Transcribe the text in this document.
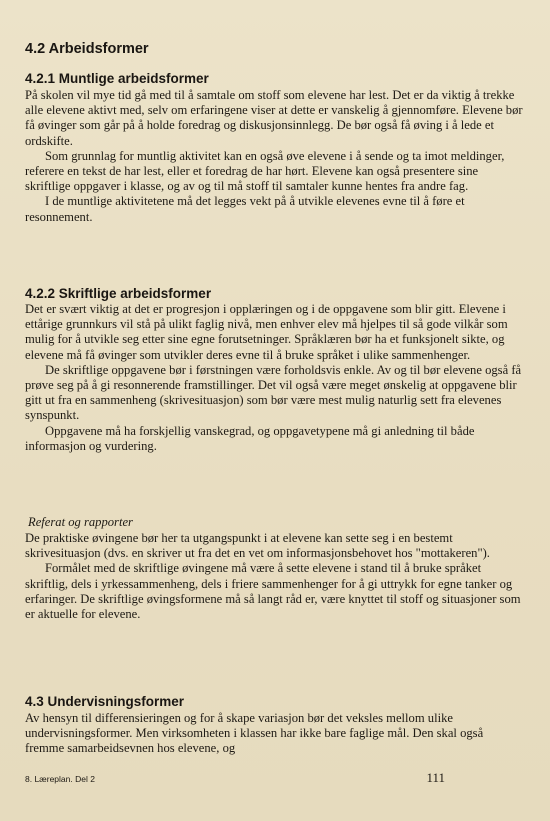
4.2 Arbeidsformer
4.2.1 Muntlige arbeidsformer

På skolen vil mye tid gå med til å samtale om stoff som elevene har lest. Det er da viktig å trekke alle elevene aktivt med, selv om erfaringene viser at dette er vanskelig å gjennomføre. Elevene bør få øvinger som går på å holde foredrag og diskusjonsinnlegg. De bør også få øving i å lede et ordskifte.

Som grunnlag for muntlig aktivitet kan en også øve elevene i å sende og ta imot meldinger, referere en tekst de har lest, eller et foredrag de har hørt. Elevene kan også presentere sine skriftlige oppgaver i klasse, og av og til må stoff til samtaler kunne hentes fra andre fag.

I de muntlige aktivitetene må det legges vekt på å utvikle elevenes evne til å føre et resonnement.

4.2.2 Skriftlige arbeidsformer

Det er svært viktig at det er progresjon i opplæringen og i de oppgavene som blir gitt. Elevene i ettårige grunnkurs vil stå på ulikt faglig nivå, men enhver elev må hjelpes til så gode vilkår som mulig for å utvikle seg etter sine egne forutsetninger. Språklæren bør ha et funksjonelt sikte, og elevene må få øvinger som utvikler deres evne til å bruke språket i ulike sammenhenger.

De skriftlige oppgavene bør i førstningen være forholdsvis enkle. Av og til bør elevene også få prøve seg på å gi resonnerende framstillinger. Det vil også være meget ønskelig at oppgavene blir gitt ut fra en sammenheng (skrivesituasjon) som bør være mest mulig naturlig sett fra elevenes synspunkt.

Oppgavene må ha forskjellig vanskegrad, og oppgavetypene må gi anledning til både informasjon og vurdering.

Referat og rapporter

De praktiske øvingene bør her ta utgangspunkt i at elevene kan sette seg i en bestemt skrivesituasjon (dvs. en skriver ut fra det en vet om informasjonsbehovet hos "mottakeren").

Formålet med de skriftlige øvingene må være å sette elevene i stand til å bruke språket skriftlig, dels i yrkessammenheng, dels i friere sammenhenger for å gi uttrykk for egne tanker og erfaringer. De skriftlige øvingsformene må så langt råd er, være knyttet til stoff og situasjoner som er aktuelle for elevene.

4.3 Undervisningsformer

Av hensyn til differensieringen og for å skape variasjon bør det veksles mellom ulike undervisningsformer. Men virksomheten i klassen har ikke bare faglige mål. Den skal også fremme samarbeidsevnen hos elevene, og

8. Læreplan. Del 2	111
